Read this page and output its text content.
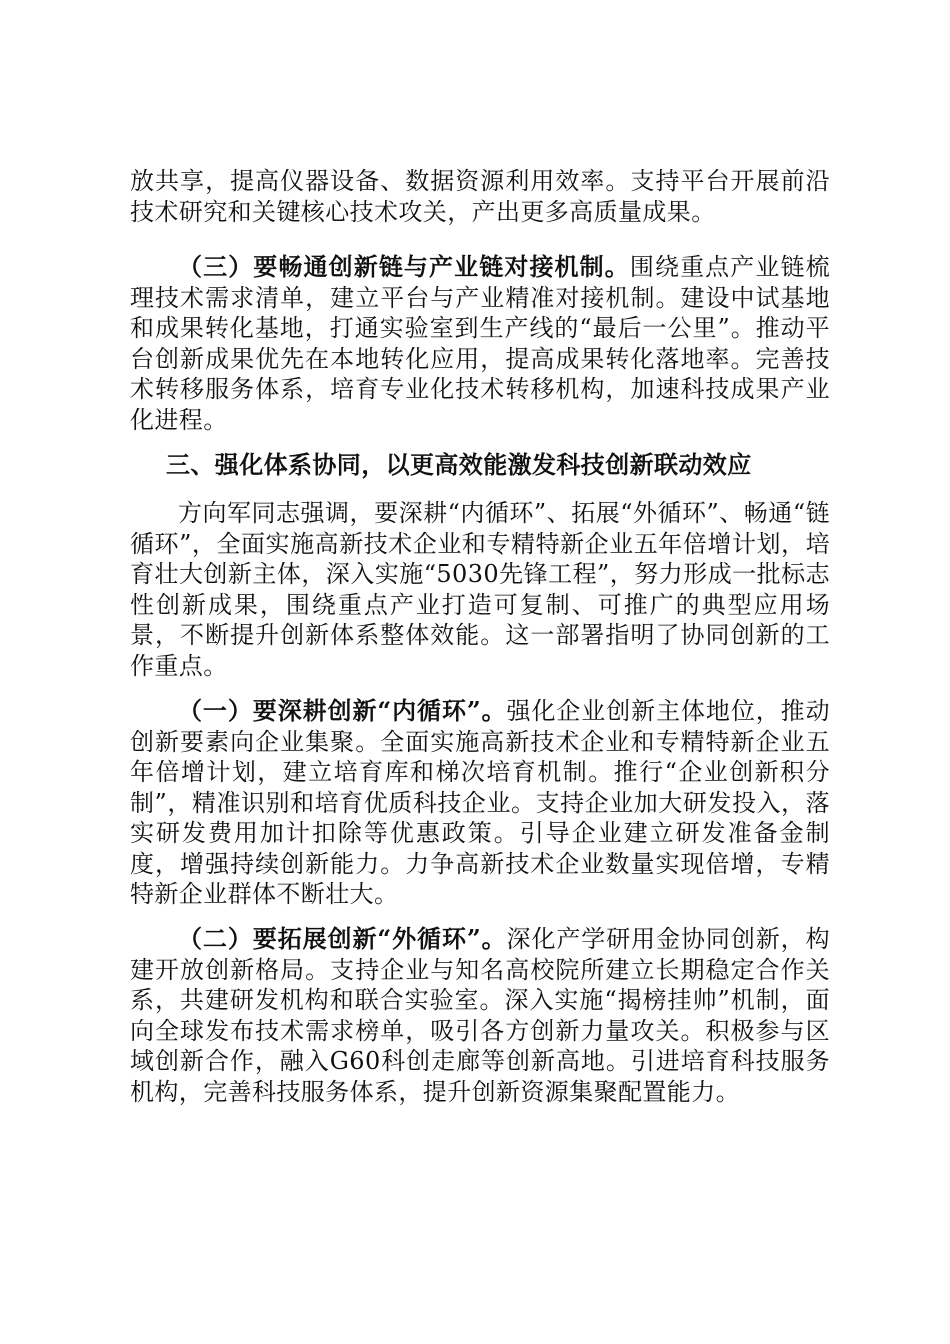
放共享，提高仪器设备、数据资源利用效率。支持平台开展前沿技术研究和关键核心技术攻关，产出更多高质量成果。

（三）要畅通创新链与产业链对接机制。围绕重点产业链梳理技术需求清单，建立平台与产业精准对接机制。建设中试基地和成果转化基地，打通实验室到生产线的“最后一公里”。推动平台创新成果优先在本地转化应用，提高成果转化落地率。完善技术转移服务体系，培育专业化技术转移机构，加速科技成果产业化进程。

三、强化体系协同，以更高效能激发科技创新联动效应

方向军同志强调，要深耕“内循环”、拓展“外循环”、畅通“链循环”，全面实施高新技术企业和专精特新企业五年倍增计划，培育壮大创新主体，深入实施“5030先锋工程”，努力形成一批标志性创新成果，围绕重点产业打造可复制、可推广的典型应用场景，不断提升创新体系整体效能。这一部署指明了协同创新的工作重点。

（一）要深耕创新“内循环”。强化企业创新主体地位，推动创新要素向企业集聚。全面实施高新技术企业和专精特新企业五年倍增计划，建立培育库和梯次培育机制。推行“企业创新积分制”，精准识别和培育优质科技企业。支持企业加大研发投入，落实研发费用加计扣除等优惠政策。引导企业建立研发准备金制度，增强持续创新能力。力争高新技术企业数量实现倍增，专精特新企业群体不断壮大。

（二）要拓展创新“外循环”。深化产学研用金协同创新，构建开放创新格局。支持企业与知名高校院所建立长期稳定合作关系，共建研发机构和联合实验室。深入实施“揭榜挂帅”机制，面向全球发布技术需求榜单，吸引各方创新力量攻关。积极参与区域创新合作，融入G60科创走廊等创新高地。引进培育科技服务机构，完善科技服务体系，提升创新资源集聚配置能力。
